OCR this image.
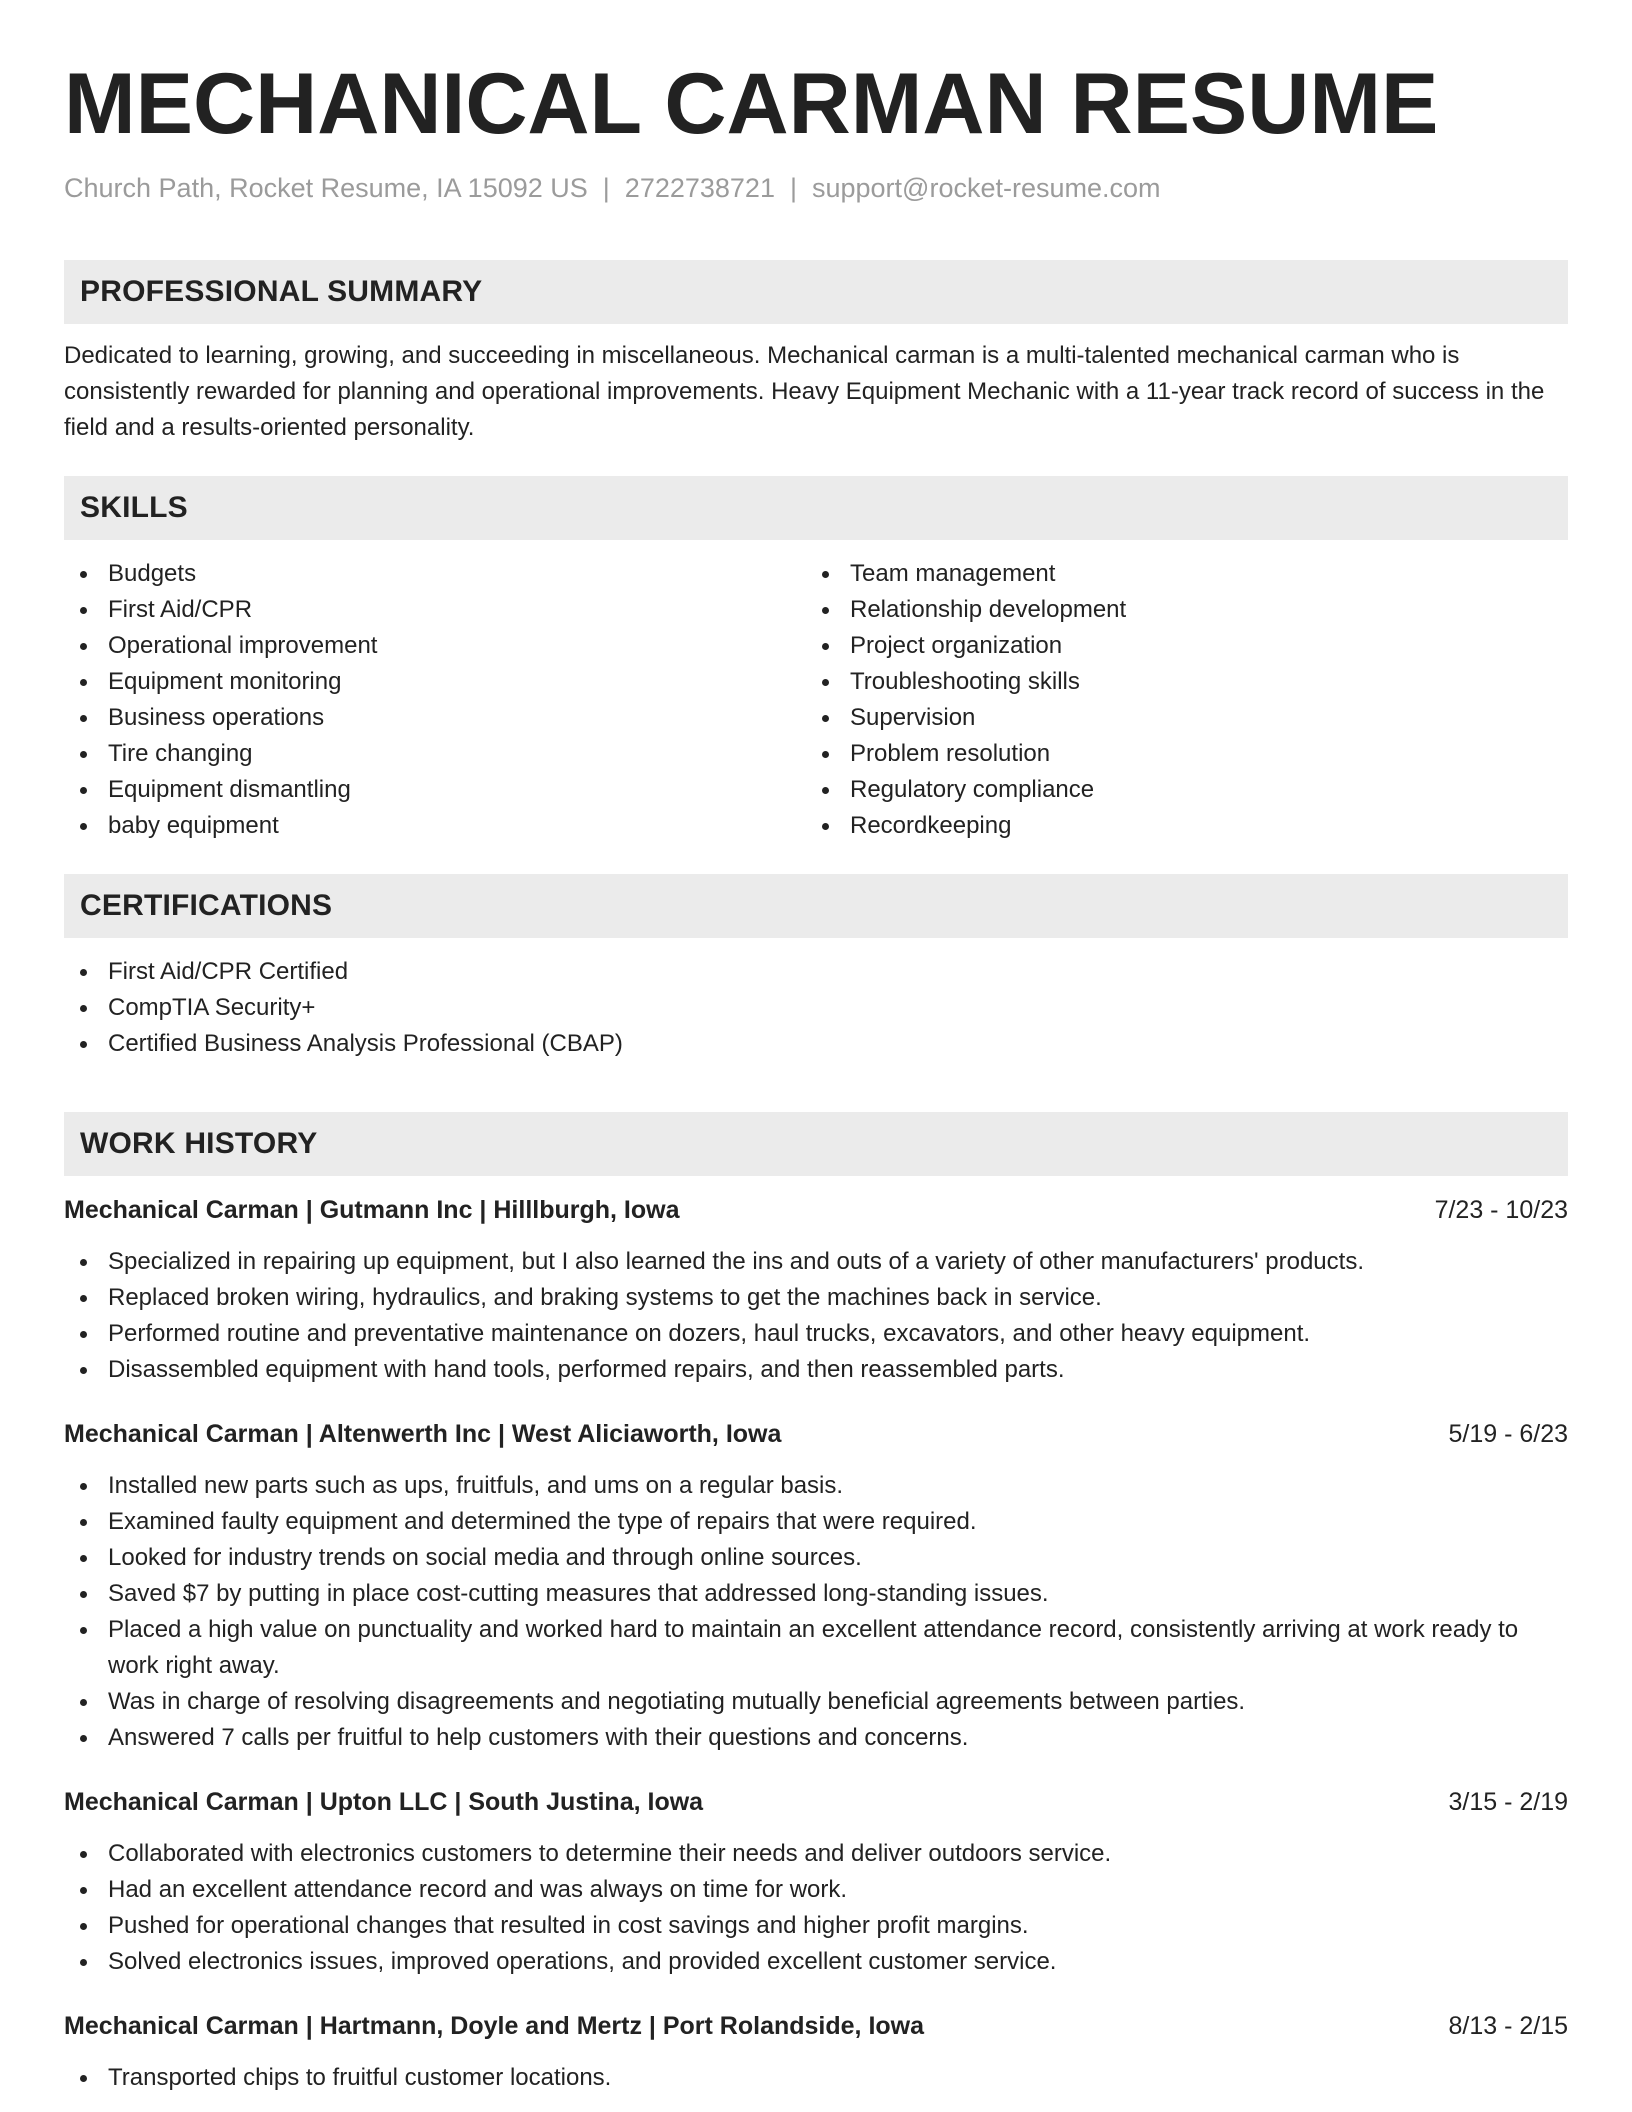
MECHANICAL CARMAN RESUME
Church Path, Rocket Resume, IA 15092 US | 2722738721 | support@rocket-resume.com
PROFESSIONAL SUMMARY
Dedicated to learning, growing, and succeeding in miscellaneous. Mechanical carman is a multi-talented mechanical carman who is consistently rewarded for planning and operational improvements. Heavy Equipment Mechanic with a 11-year track record of success in the field and a results-oriented personality.
SKILLS
Budgets
First Aid/CPR
Operational improvement
Equipment monitoring
Business operations
Tire changing
Equipment dismantling
baby equipment
Team management
Relationship development
Project organization
Troubleshooting skills
Supervision
Problem resolution
Regulatory compliance
Recordkeeping
CERTIFICATIONS
First Aid/CPR Certified
CompTIA Security+
Certified Business Analysis Professional (CBAP)
WORK HISTORY
Mechanical Carman | Gutmann Inc | Hilllburgh, Iowa	7/23 - 10/23
Specialized in repairing up equipment, but I also learned the ins and outs of a variety of other manufacturers' products.
Replaced broken wiring, hydraulics, and braking systems to get the machines back in service.
Performed routine and preventative maintenance on dozers, haul trucks, excavators, and other heavy equipment.
Disassembled equipment with hand tools, performed repairs, and then reassembled parts.
Mechanical Carman | Altenwerth Inc | West Aliciaworth, Iowa	5/19 - 6/23
Installed new parts such as ups, fruitfuls, and ums on a regular basis.
Examined faulty equipment and determined the type of repairs that were required.
Looked for industry trends on social media and through online sources.
Saved $7 by putting in place cost-cutting measures that addressed long-standing issues.
Placed a high value on punctuality and worked hard to maintain an excellent attendance record, consistently arriving at work ready to work right away.
Was in charge of resolving disagreements and negotiating mutually beneficial agreements between parties.
Answered 7 calls per fruitful to help customers with their questions and concerns.
Mechanical Carman | Upton LLC | South Justina, Iowa	3/15 - 2/19
Collaborated with electronics customers to determine their needs and deliver outdoors service.
Had an excellent attendance record and was always on time for work.
Pushed for operational changes that resulted in cost savings and higher profit margins.
Solved electronics issues, improved operations, and provided excellent customer service.
Mechanical Carman | Hartmann, Doyle and Mertz | Port Rolandside, Iowa	8/13 - 2/15
Transported chips to fruitful customer locations.
